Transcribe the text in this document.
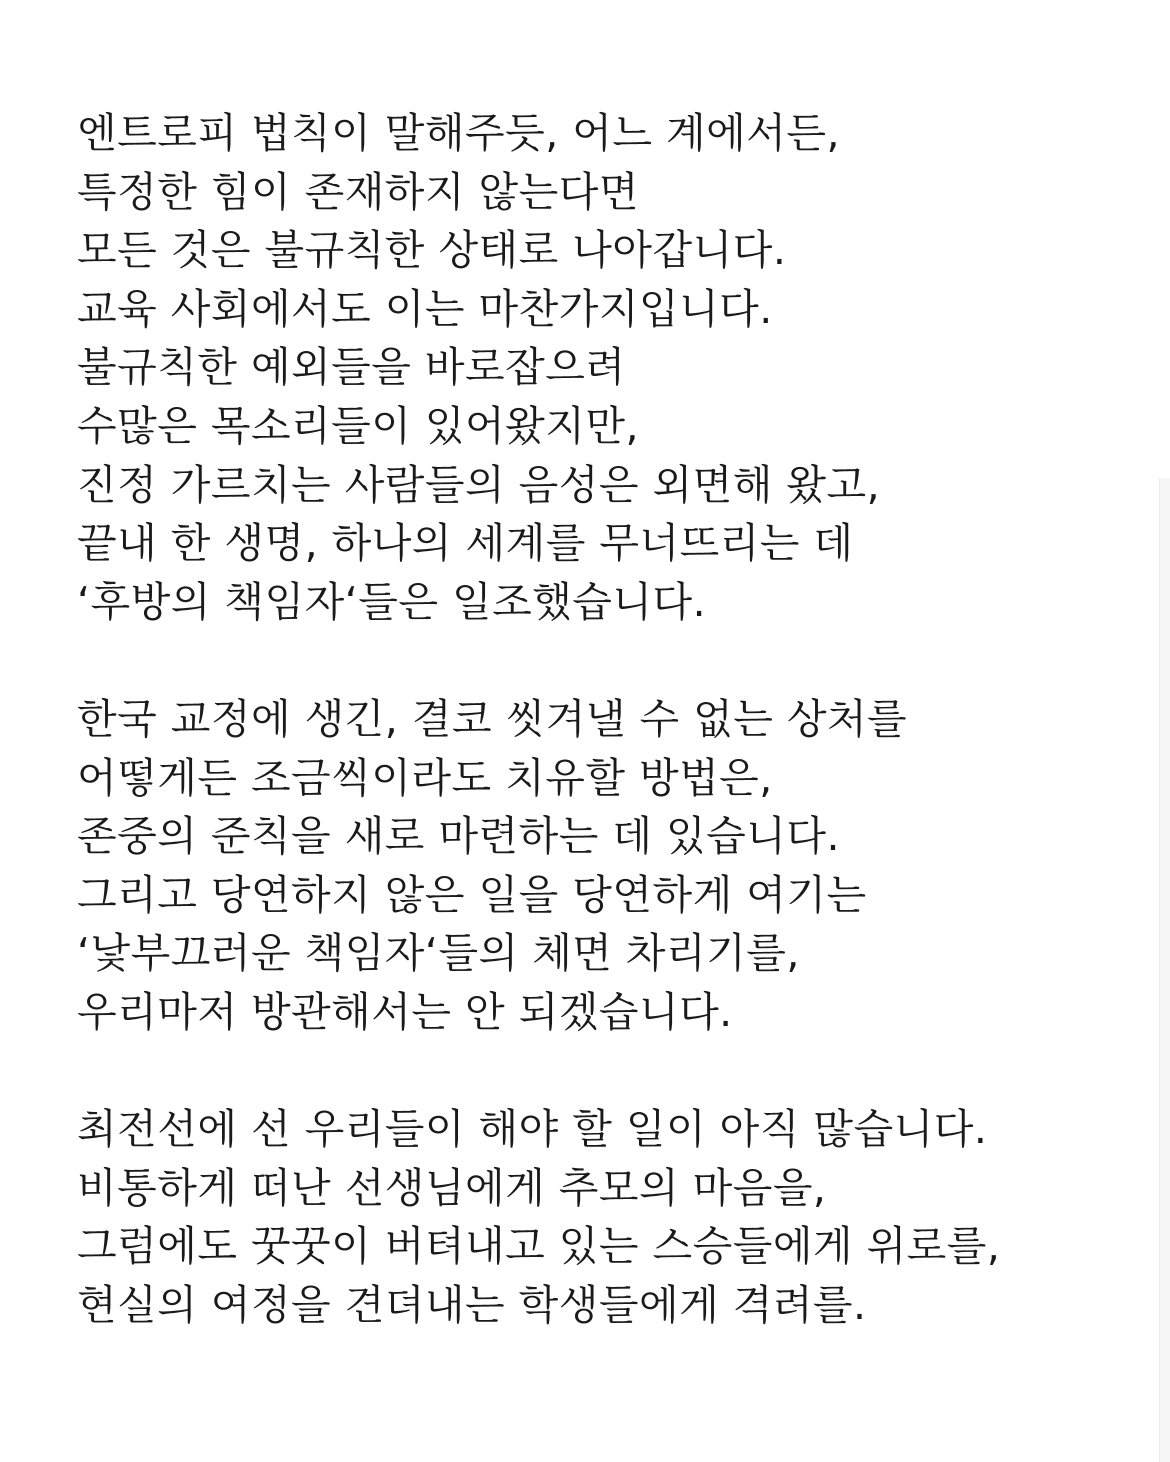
엔트로피 법칙이 말해주듯, 어느 계에서든,
특정한 힘이 존재하지 않는다면
모든 것은 불규칙한 상태로 나아갑니다.
교육 사회에서도 이는 마찬가지입니다.
불규칙한 예외들을 바로잡으려
수많은 목소리들이 있어왔지만,
진정 가르치는 사람들의 음성은 외면해 왔고,
끝내 한 생명, 하나의 세계를 무너뜨리는 데
‘후방의 책임자‘들은 일조했습니다.

한국 교정에 생긴, 결코 씻겨낼 수 없는 상처를
어떻게든 조금씩이라도 치유할 방법은,
존중의 준칙을 새로 마련하는 데 있습니다.
그리고 당연하지 않은 일을 당연하게 여기는
‘낯부끄러운 책임자‘들의 체면 차리기를,
우리마저 방관해서는 안 되겠습니다.

최전선에 선 우리들이 해야 할 일이 아직 많습니다.
비통하게 떠난 선생님에게 추모의 마음을,
그럼에도 꿋꿋이 버텨내고 있는 스승들에게 위로를,
현실의 여정을 견뎌내는 학생들에게 격려를.
